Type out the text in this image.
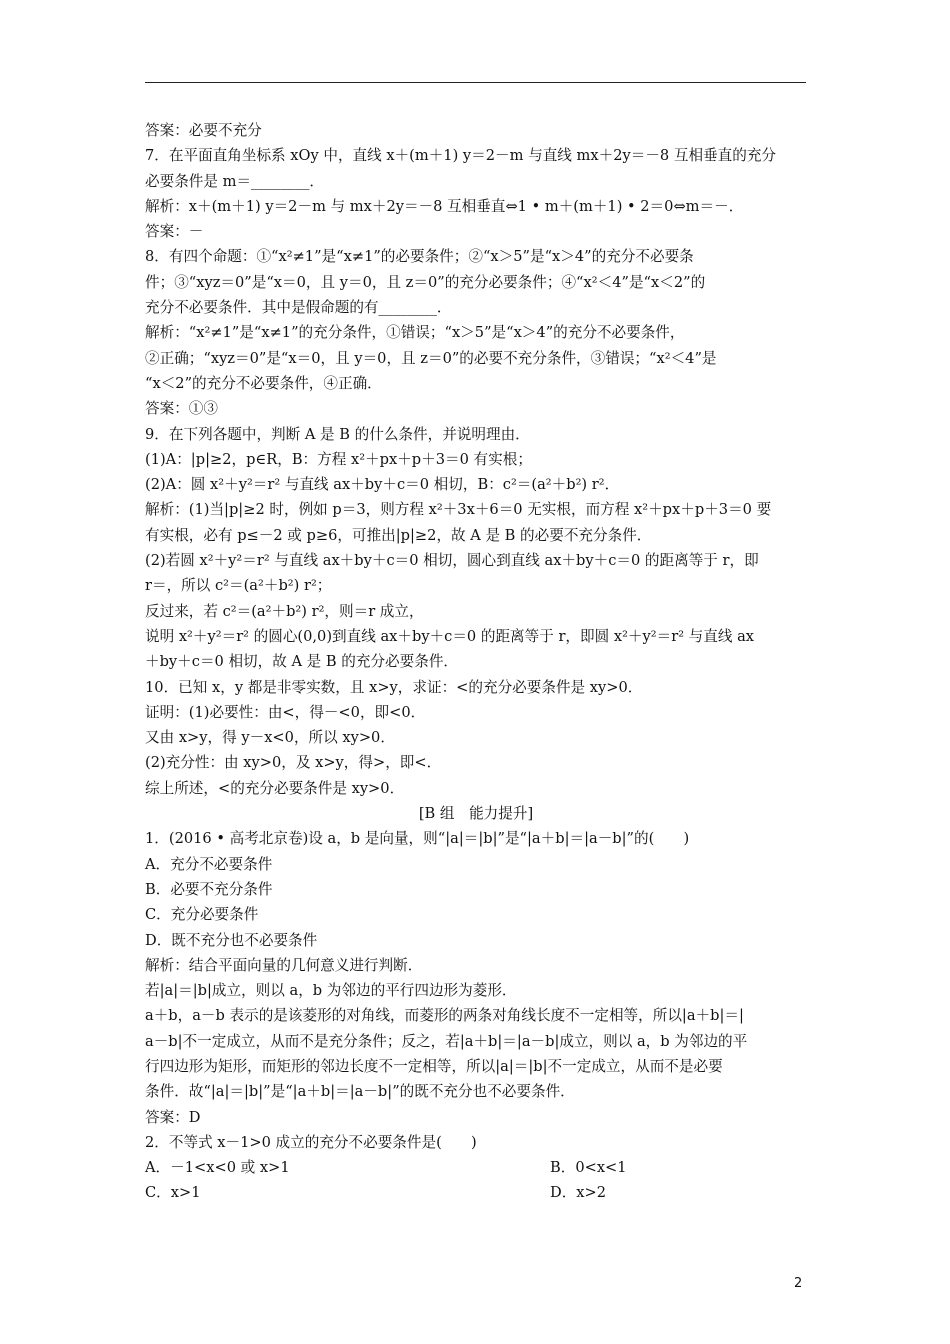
答案：必要不充分
7．在平面直角坐标系 xOy 中，直线 x＋(m＋1) y＝2－m 与直线 mx＋2y＝－8 互相垂直的充分
必要条件是 m＝________．
解析：x＋(m＋1) y＝2－m 与 mx＋2y＝－8 互相垂直⇔1 • m＋(m＋1) • 2＝0⇔m＝－．
答案：－
8．有四个命题：①“x²≠1”是“x≠1”的必要条件；②“x＞5”是“x＞4”的充分不必要条
件；③“xyz＝0”是“x＝0，且 y＝0，且 z＝0”的充分必要条件；④“x²＜4”是“x＜2”的
充分不必要条件．其中是假命题的有________．
解析：“x²≠1”是“x≠1”的充分条件，①错误；“x＞5”是“x＞4”的充分不必要条件，
②正确；“xyz＝0”是“x＝0，且 y＝0，且 z＝0”的必要不充分条件，③错误；“x²＜4”是
“x＜2”的充分不必要条件，④正确．
答案：①③
9．在下列各题中，判断 A 是 B 的什么条件，并说明理由．
(1)A：|p|≥2，p∈R，B：方程 x²＋px＋p＋3＝0 有实根；
(2)A：圆 x²＋y²＝r² 与直线 ax＋by＋c＝0 相切，B：c²＝(a²＋b²) r²．
解析：(1)当|p|≥2 时，例如 p＝3，则方程 x²＋3x＋6＝0 无实根，而方程 x²＋px＋p＋3＝0 要
有实根，必有 p≤－2 或 p≥6，可推出|p|≥2，故 A 是 B 的必要不充分条件．
(2)若圆 x²＋y²＝r² 与直线 ax＋by＋c＝0 相切，圆心到直线 ax＋by＋c＝0 的距离等于 r，即
r＝，所以 c²＝(a²＋b²) r²；
反过来，若 c²＝(a²＋b²) r²，则＝r 成立，
说明 x²＋y²＝r² 的圆心(0,0)到直线 ax＋by＋c＝0 的距离等于 r，即圆 x²＋y²＝r² 与直线 ax
＋by＋c＝0 相切，故 A 是 B 的充分必要条件．
10．已知 x，y 都是非零实数，且 x>y，求证：<的充分必要条件是 xy>0．
证明：(1)必要性：由<，得－<0，即<0．
又由 x>y，得 y－x<0，所以 xy>0．
(2)充分性：由 xy>0，及 x>y，得>，即<．
综上所述，<的充分必要条件是 xy>0．
[B 组　能力提升]
1．(2016 • 高考北京卷)设 a，b 是向量，则“|a|＝|b|”是“|a＋b|＝|a－b|”的(　　)
A．充分不必要条件
B．必要不充分条件
C．充分必要条件
D．既不充分也不必要条件
解析：结合平面向量的几何意义进行判断．
若|a|＝|b|成立，则以 a，b 为邻边的平行四边形为菱形．
a＋b，a－b 表示的是该菱形的对角线，而菱形的两条对角线长度不一定相等，所以|a＋b|＝|
a－b|不一定成立，从而不是充分条件；反之，若|a＋b|＝|a－b|成立，则以 a，b 为邻边的平
行四边形为矩形，而矩形的邻边长度不一定相等，所以|a|＝|b|不一定成立，从而不是必要
条件．故“|a|＝|b|”是“|a＋b|＝|a－b|”的既不充分也不必要条件．
答案：D
2．不等式 x－1>0 成立的充分不必要条件是(　　)
A．－1<x<0 或 x>1	B．0<x<1
C．x>1	D．x>2
2
